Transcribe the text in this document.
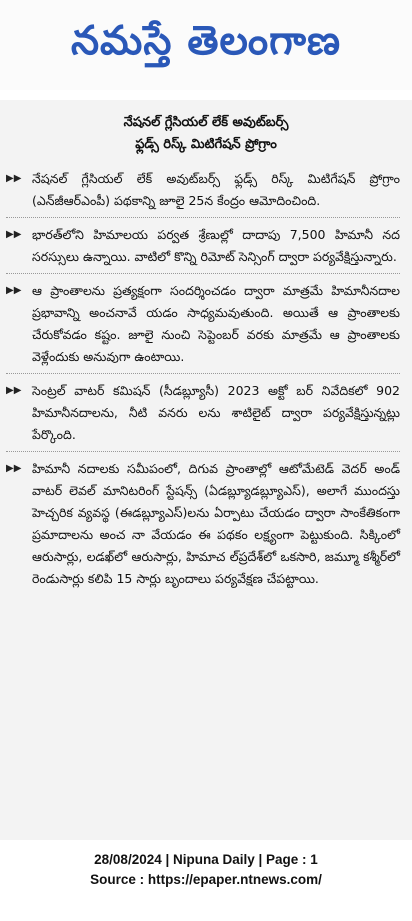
నమస్తే తెలంగాణ
నేషనల్ గ్లేసియల్ లేక్ అవుట్‌బర్స్
ఫ్లడ్స్ రిస్క్ మిటిగేషన్ ప్రోగ్రాం
▶▶ నేషనల్ గ్లేసియల్ లేక్ అవుట్‌బర్స్ ఫ్లడ్స్ రిస్క్ మిటిగేషన్ ప్రోగ్రాం (ఎన్‌జీఆర్‌ఎంపీ) పథకాన్ని జూలై 25న కేంద్రం ఆమోదించింది.
▶▶ భారత్‌లోని హిమాలయ పర్వత శ్రేణుల్లో దాదాపు 7,500 హిమానీ నద సరస్సులు ఉన్నాయి. వాటిలో కొన్ని రిమోట్ సెన్సింగ్ ద్వారా పర్యవేక్షిస్తున్నారు.
▶▶ ఆ ప్రాంతాలను ప్రత్యక్షంగా సందర్శించడం ద్వారా మాత్రమే హిమానీనదాల ప్రభావాన్ని అంచనావే యడం సాధ్యమవుతుంది. అయితే ఆ ప్రాంతాలకు చేరుకోవడం కష్టం. జూలై నుంచి సెప్టెంబర్ వరకు మాత్రమే ఆ ప్రాంతాలకు వెళ్లేందుకు అనువుగా ఉంటాయి.
▶▶ సెంట్రల్ వాటర్ కమిషన్ (సీడబ్ల్యూసీ) 2023 అక్టో బర్ నివేదికలో 902 హిమానీనదాలను, నీటి వనరు లను శాటిలైట్ ద్వారా పర్యవేక్షిస్తున్నట్లు పేర్కొంది.
▶▶ హిమానీ నదాలకు సమీపంలో, దిగువ ప్రాంతాల్లో ఆటోమేటెడ్ వెదర్ అండ్ వాటర్ లెవల్ మానిటరింగ్ స్టేషన్స్ (ఏడబ్ల్యూడబ్ల్యూఎస్), అలాగే ముందస్తు హెచ్చరిక వ్యవస్థ (ఈడబ్ల్యూఎస్)లను ఏర్పాటు చేయడం ద్వారా సాంకేతికంగా ప్రమాదాలను అంచ నా వేయడం ఈ పథకం లక్ష్యంగా పెట్టుకుంది. సిక్కింలో ఆరుసార్లు, లడఖ్‌లో ఆరుసార్లు, హిమాచ ల్‌ప్రదేశ్‌లో ఒకసారి, జమ్మూ కశ్మీర్‌లో రెండుసార్లు కలిపి 15 సార్లు బృందాలు పర్యవేక్షణ చేపట్టాయి.
28/08/2024 | Nipuna Daily | Page : 1
Source : https://epaper.ntnews.com/
